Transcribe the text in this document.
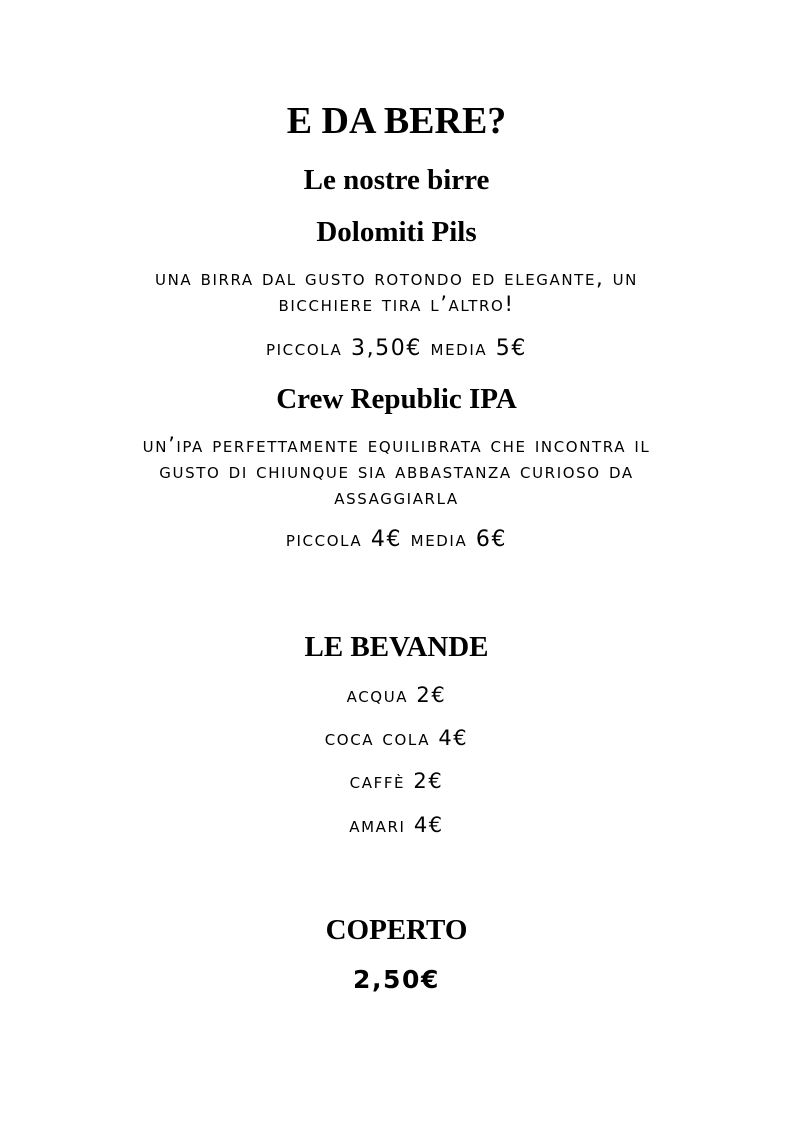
E DA BERE?
Le nostre birre
Dolomiti Pils

una birra dal gusto rotondo ed elegante, un

bicchiere tira l’altro!

piccola 3,50€ media 5€

Crew Republic IPA

un’ipa perfettamente equilibrata che incontra il

gusto di chiunque sia abbastanza curioso da

assaggiarla

piccola 4€ media 6€

LE BEVANDE

acqua 2€

coca cola 4€

caffè 2€

amari 4€

COPERTO

2,50€
